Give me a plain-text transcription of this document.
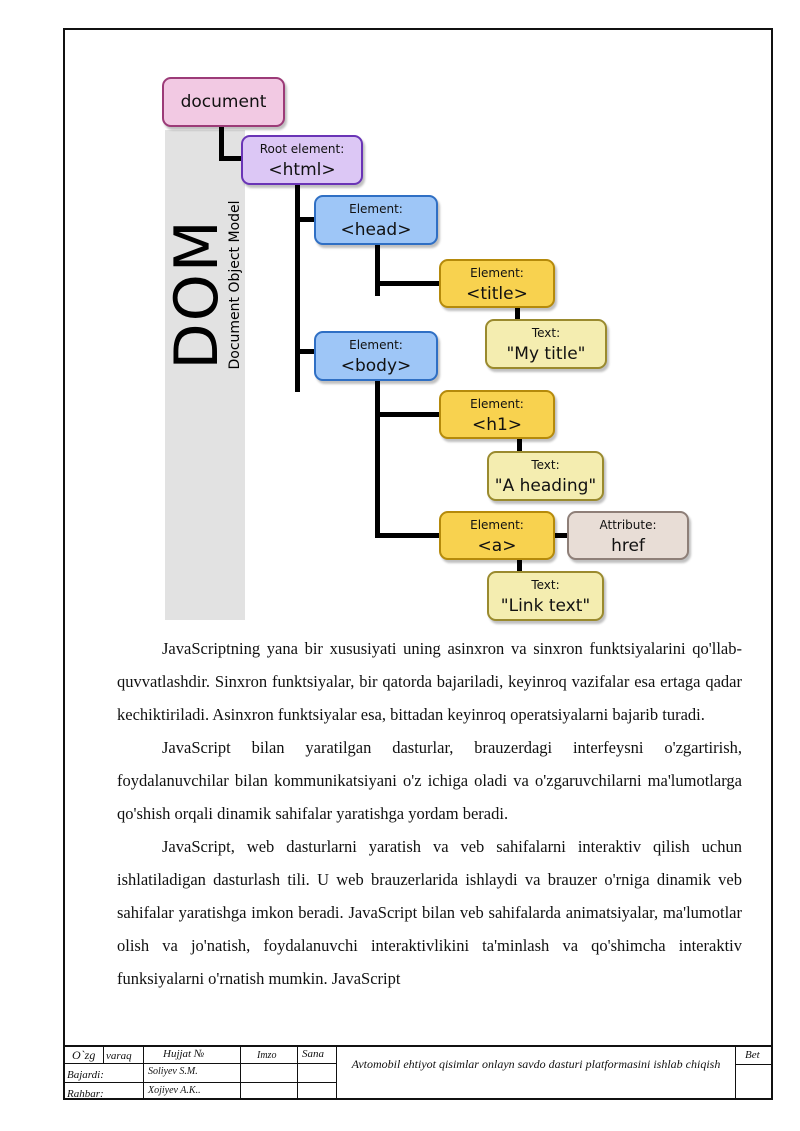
DOM
Document Object Model
document
Root element:
<html>
Element:
<head>
Element:
<title>
Text:
"My title"
Element:
<body>
Element:
<h1>
Text:
"A heading"
Element:
<a>
Attribute:
href
Text:
"Link text"

JavaScriptning yana bir xususiyati uning asinxron va sinxron funktsiyalarini qo'llab-quvvatlashdir. Sinxron funktsiyalar, bir qatorda bajariladi, keyinroq vazifalar esa ertaga qadar kechiktiriladi. Asinxron funktsiyalar esa, bittadan keyinroq operatsiyalarni bajarib turadi.

JavaScript bilan yaratilgan dasturlar, brauzerdagi interfeysni o'zgartirish, foydalanuvchilar bilan kommunikatsiyani o'z ichiga oladi va o'zgaruvchilarni ma'lumotlarga qo'shish orqali dinamik sahifalar yaratishga yordam beradi.

JavaScript, web dasturlarni yaratish va veb sahifalarni interaktiv qilish uchun ishlatiladigan dasturlash tili. U web brauzerlarida ishlaydi va brauzer o'rniga dinamik veb sahifalar yaratishga imkon beradi. JavaScript bilan veb sahifalarda animatsiyalar, ma'lumotlar olish va jo'natish, foydalanuvchi interaktivlikini ta'minlash va qo'shimcha interaktiv funksiyalarni o'rnatish mumkin. JavaScript

O`zg varaq	Hujjat №	Imzo Sana
Bajardi:	Soliyev S.M.
Rahbar:	Xojiyev A.K..
Avtomobil ehtiyot qisimlar onlayn savdo dasturi platformasini ishlab chiqish
Bet
